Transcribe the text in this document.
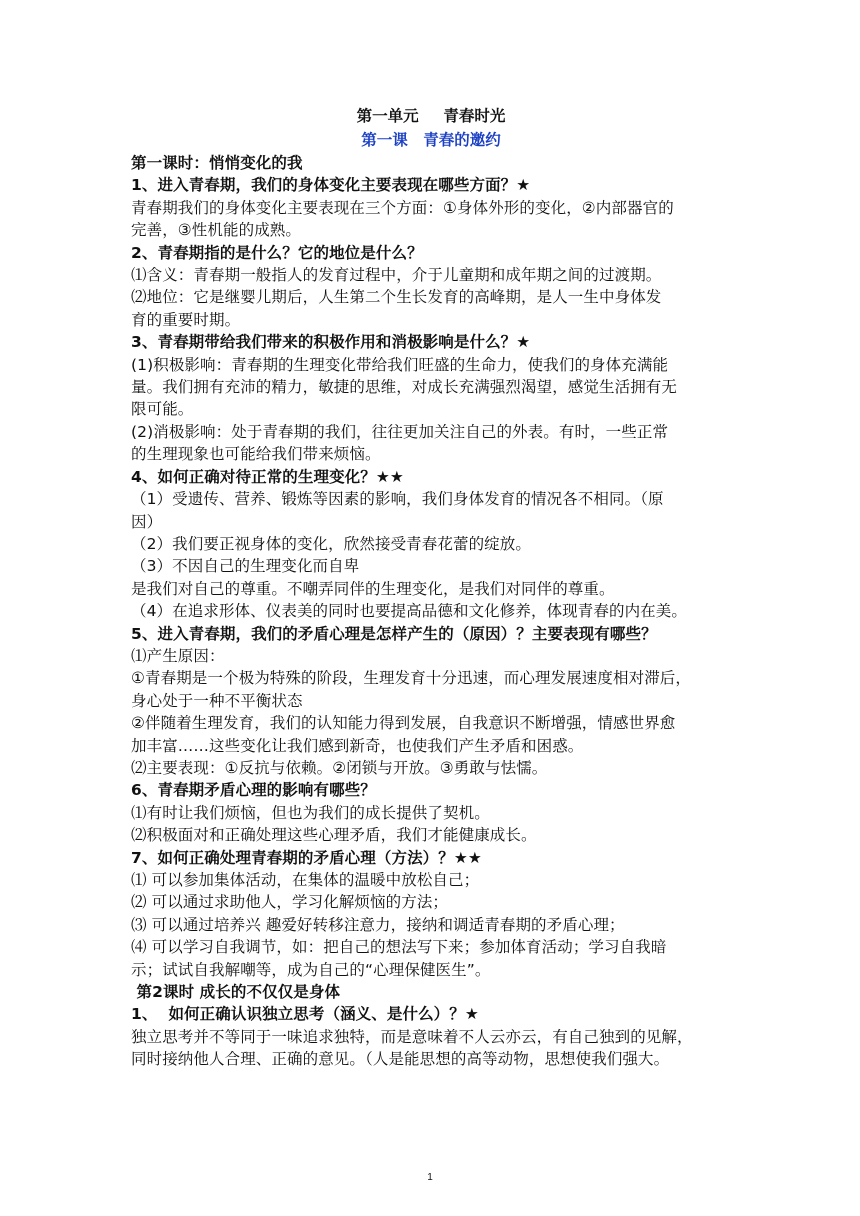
第一单元 青春时光
第一课 青春的邀约
第一课时：悄悄变化的我
1、进入青春期，我们的身体变化主要表现在哪些方面？★
青春期我们的身体变化主要表现在三个方面：①身体外形的变化，②内部器官的
完善，③性机能的成熟。
2、青春期指的是什么？它的地位是什么？
⑴含义：青春期一般指人的发育过程中，介于儿童期和成年期之间的过渡期。
⑵地位：它是继婴儿期后，人生第二个生长发育的高峰期，是人一生中身体发
育的重要时期。
3、青春期带给我们带来的积极作用和消极影响是什么？★
(1)积极影响：青春期的生理变化带给我们旺盛的生命力，使我们的身体充满能
量。我们拥有充沛的精力，敏捷的思维，对成长充满强烈渴望，感觉生活拥有无
限可能。
(2)消极影响：处于青春期的我们，往往更加关注自己的外表。有时，一些正常
的生理现象也可能给我们带来烦恼。
4、如何正确对待正常的生理变化？★★
（1）受遗传、营养、锻炼等因素的影响，我们身体发育的情况各不相同。（原
因）
（2）我们要正视身体的变化，欣然接受青春花蕾的绽放。
（3）不因自己的生理变化而自卑
是我们对自己的尊重。不嘲弄同伴的生理变化，是我们对同伴的尊重。
（4）在追求形体、仪表美的同时也要提高品德和文化修养，体现青春的内在美。
5、进入青春期，我们的矛盾心理是怎样产生的（原因）？主要表现有哪些？
⑴产生原因：
①青春期是一个极为特殊的阶段，生理发育十分迅速，而心理发展速度相对滞后，
身心处于一种不平衡状态
②伴随着生理发育，我们的认知能力得到发展，自我意识不断增强，情感世界愈
加丰富……这些变化让我们感到新奇，也使我们产生矛盾和困惑。
⑵主要表现：①反抗与依赖。②闭锁与开放。③勇敢与怯懦。
6、青春期矛盾心理的影响有哪些？
⑴有时让我们烦恼，但也为我们的成长提供了契机。
⑵积极面对和正确处理这些心理矛盾，我们才能健康成长。
7、如何正确处理青春期的矛盾心理（方法）？★★
⑴ 可以参加集体活动，在集体的温暖中放松自己；
⑵ 可以通过求助他人，学习化解烦恼的方法；
⑶ 可以通过培养兴 趣爱好转移注意力，接纳和调适青春期的矛盾心理；
⑷ 可以学习自我调节，如：把自己的想法写下来；参加体育活动；学习自我暗
示；试试自我解嘲等，成为自己的“心理保健医生”。
第2课时 成长的不仅仅是身体
1、  如何正确认识独立思考（涵义、是什么）？★
独立思考并不等同于一味追求独特，而是意味着不人云亦云，有自己独到的见解，
同时接纳他人合理、正确的意见。（人是能思想的高等动物，思想使我们强大。
1
